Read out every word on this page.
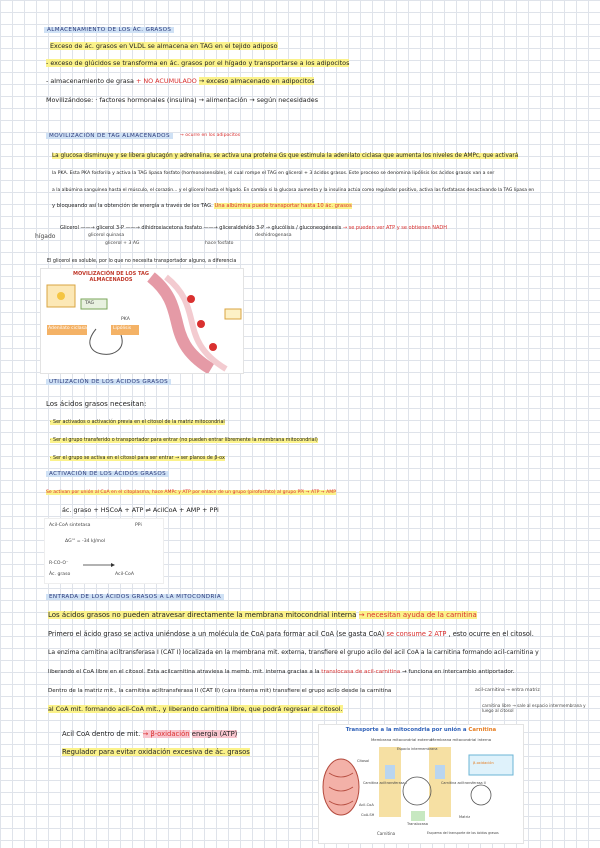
ALMACENAMIENTO DE LOS ÁC. GRASOS
Exceso de ác. grasos en VLDL se almacena en TAG en el tejido adiposo
- exceso de glúcidos se transforma en ác. grasos por el hígado y transportarse a los adipocitos
- almacenamiento de grasa + NO ACUMULADO → exceso almacenado en adipocitos
Movilizándose: · factores hormonales (insulina) → alimentación → según necesidades
MOVILIZACIÓN DE TAG ALMACENADOS	→ ocurre en los adipocitos
La glucosa disminuye y se libera glucagón y adrenalina, se activa una proteína Gs que estimula la adenilato ciclasa que aumenta los niveles de AMPc, que activará
la PKA. Esta PKA fosforila y activa la TAG lipasa fosfato (hormonosensible), el cual rompe el TAG en glicerol + 3 ácidos grasos. Este proceso se denomina lipólisis los ácidos grasos van a ser
a la albúmina sanguínea hasta el músculo, el corazón... y el glicerol hasta el hígado. En cambio si la glucosa aumenta y la insulina actúa como regulador positivo, activa las fosfatasas desactivando la TAG lipasa en
y bloqueando así la obtención de energía a través de los TAG. Una albúmina puede transportar hasta 10 ác. grasos
hígado
Glicerol ——→ glicerol 3-P ——→ dihidroxiacetona fosfato ——→ gliceraldehído 3-P → glucólisis / gluconeogénesis → se pueden ver ATP y se obtienen NADH
glicerol quinasa	deshidrogenasa
glicerol + 3 AG	hace fosfato
El glicerol es soluble, por lo que no necesita transportador alguno, a diferencia
MOVILIZACIÓN DE LOS TAG
ALMACENADOS
TAG
PKA
Adenilato ciclasa	Lipólisis
UTILIZACIÓN DE LOS ÁCIDOS GRASOS
Los ácidos grasos necesitan:
· Ser activados o activación previa en el citosol de la matriz mitocondrial
· Ser el grupo transferido o transportador para entrar (no pueden entrar libremente la membrana mitocondrial)
· Ser el grupo se activa en el citosol para ser entrar → ser planos de β-ox
ACTIVACIÓN DE LOS ÁCIDOS GRASOS
Se activan por unión al CoA en el citoplasma, hace AMPc y ATP por enlace de un grupo (pirofosfato) al grupo PPi → ATP → AMP
ác. graso + HSCoA + ATP ⇌ AcilCoA + AMP + PPi
Acil-CoA sintetasa	PPi
ΔG'° = -34 kJ/mol
R-CO-O⁻
Ác. graso	Acil-CoA
ENTRADA DE LOS ÁCIDOS GRASOS A LA MITOCONDRIA
Los ácidos grasos no pueden atravesar directamente la membrana mitocondrial interna → necesitan ayuda de la carnitina
Primero el ácido graso se activa uniéndose a un molécula de CoA para formar acil CoA (se gasta CoA) se consume 2 ATP , esto ocurre en el citosol.
La enzima carnitina aciltransferasa I (CAT I) localizada en la membrana mit. externa, transfiere el grupo acilo del acil CoA a la carnitina formando acil-carnitina y
liberando el CoA libre en el citosol. Esta acilcarnitina atraviesa la memb. mit. interna gracias a la translocasa de acil-carnitina → funciona en intercambio antiportador.
Dentro de la matriz mit., la carnitina aciltransferasa II (CAT II) (cara interna mit) transfiere el grupo acilo desde la carnitina	acil-carnitina → entra matriz
al CoA mit. formando acil-CoA mit., y liberando carnitina libre, que podrá regresar al citosol.	carnitina libre → sale al espacio intermembrana y luego al citosol
Acil CoA dentro de mit. → β-oxidación energía (ATP)
Regulador para evitar oxidación excesiva de ác. grasos
Transporte a la mitocondria por unión a Carnitina
Membrana mitocondrial externa
Membrana mitocondrial interna
Carnitina aciltransferasa I	Carnitina aciltransferasa II
Translocasa
Espacio intermembrana
Citosol
Matriz
Acil-CoA
CoA-SH
Carnitina
β-oxidación
Esquema del transporte de los ácidos grasos
